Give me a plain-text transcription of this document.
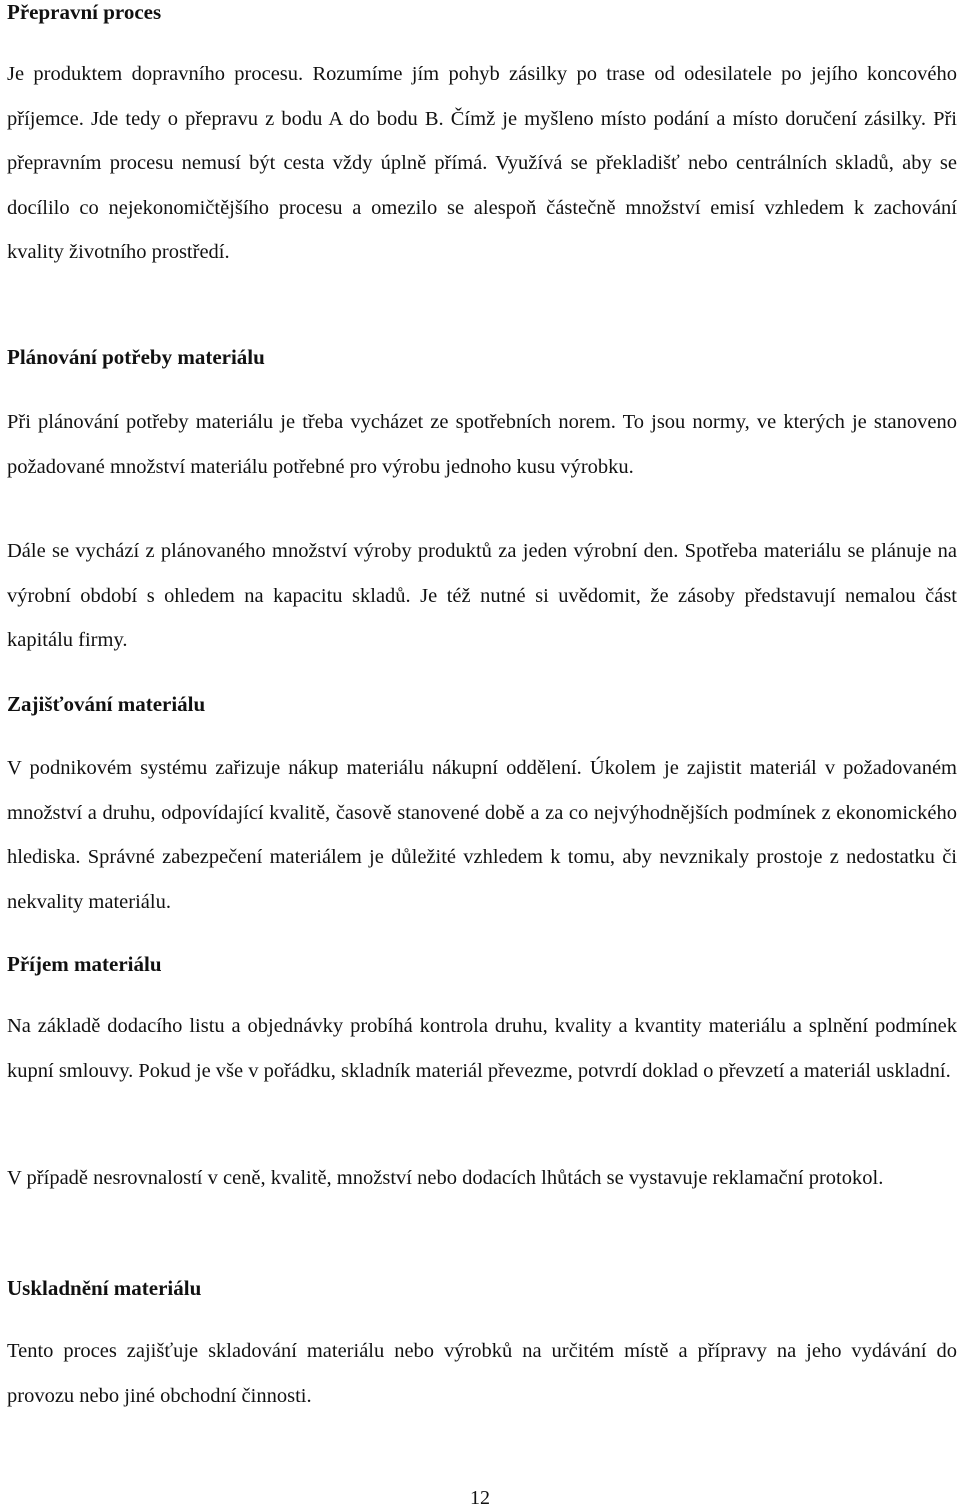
Přepravní proces

Je produktem dopravního procesu. Rozumíme jím pohyb zásilky po trase od odesilatele po jejího koncového příjemce. Jde tedy o přepravu z bodu A do bodu B. Čímž je myšleno místo podání a místo doručení zásilky. Při přepravním procesu nemusí být cesta vždy úplně přímá. Využívá se překladišť nebo centrálních skladů, aby se docílilo co nejekonomičtějšího procesu a omezilo se alespoň částečně množství emisí vzhledem k zachování kvality životního prostředí.

Plánování potřeby materiálu

Při plánování potřeby materiálu je třeba vycházet ze spotřebních norem. To jsou normy, ve kterých je stanoveno požadované množství materiálu potřebné pro výrobu jednoho kusu výrobku.

Dále se vychází z plánovaného množství výroby produktů za jeden výrobní den. Spotřeba materiálu se plánuje na výrobní období s ohledem na kapacitu skladů. Je též nutné si uvědomit, že zásoby představují nemalou část kapitálu firmy.

Zajišťování materiálu

V podnikovém systému zařizuje nákup materiálu nákupní oddělení. Úkolem je zajistit materiál v požadovaném množství a druhu, odpovídající kvalitě, časově stanovené době a za co nejvýhodnějších podmínek z ekonomického hlediska. Správné zabezpečení materiálem je důležité vzhledem k tomu, aby nevznikaly prostoje z nedostatku či nekvality materiálu.

Příjem materiálu

Na základě dodacího listu a objednávky probíhá kontrola druhu, kvality a kvantity materiálu a splnění podmínek kupní smlouvy. Pokud je vše v pořádku, skladník materiál převezme, potvrdí doklad o převzetí a materiál uskladní.

V případě nesrovnalostí v ceně, kvalitě, množství nebo dodacích lhůtách se vystavuje reklamační protokol.

Uskladnění materiálu

Tento proces zajišťuje skladování materiálu nebo výrobků na určitém místě a přípravy na jeho vydávání do provozu nebo jiné obchodní činnosti.

12
